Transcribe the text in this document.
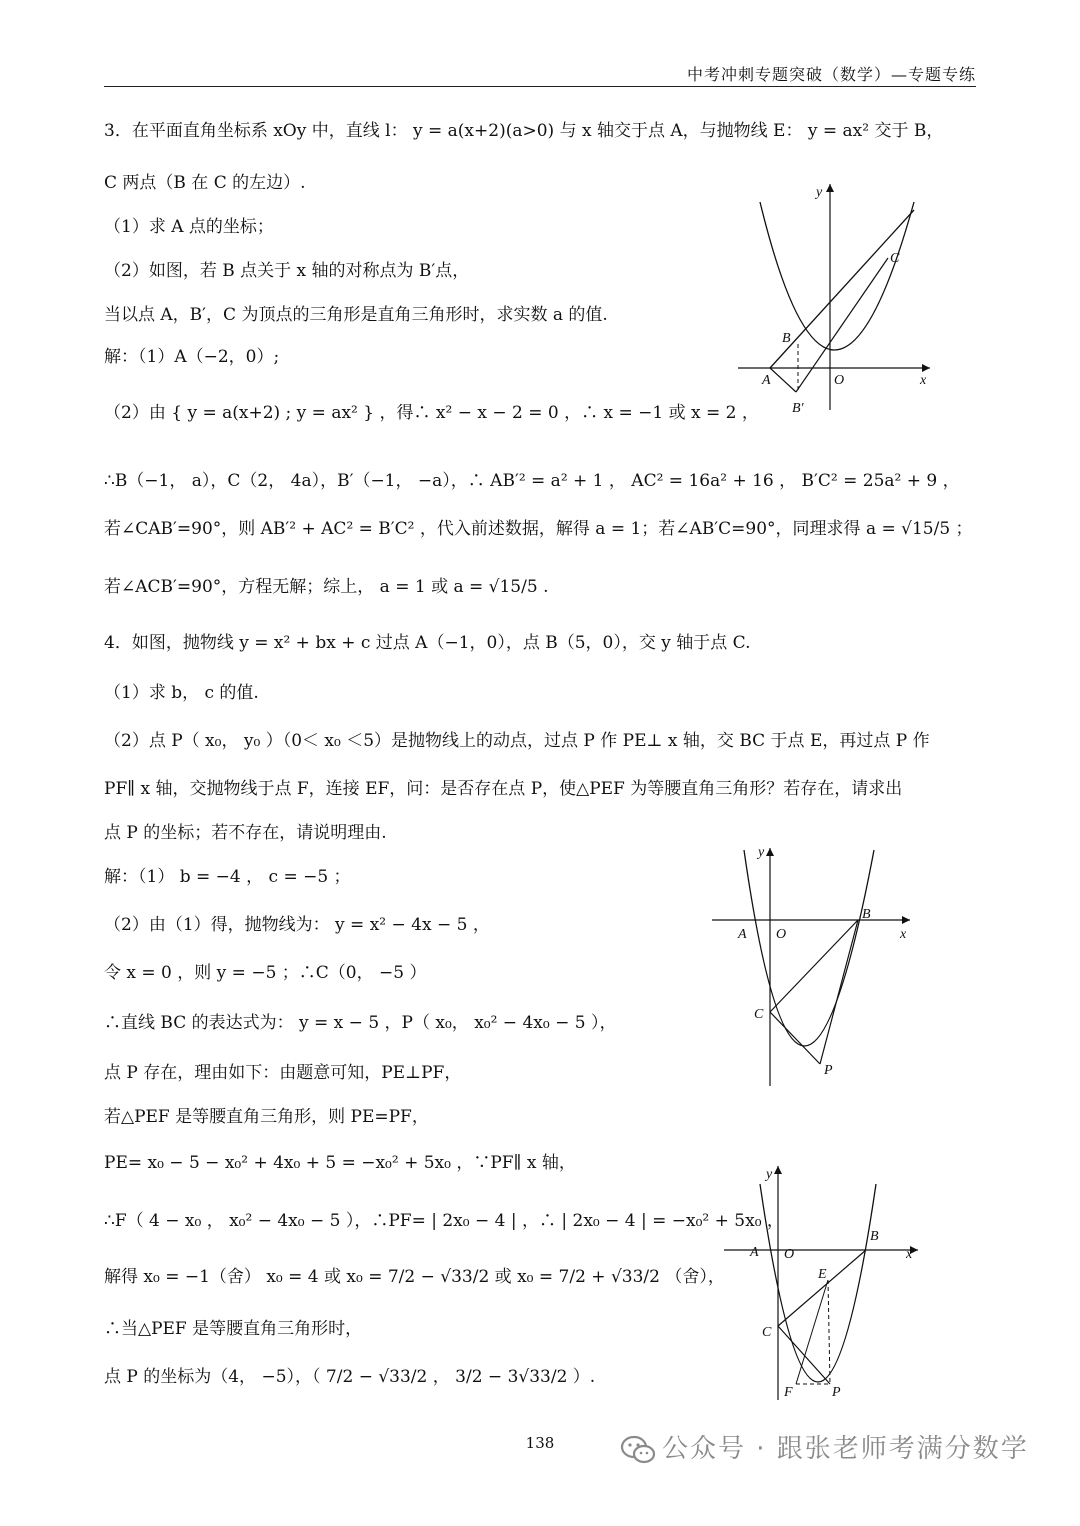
中考冲刺专题突破（数学）—专题专练
3．在平面直角坐标系 xOy 中，直线 l： y = a(x+2)(a>0) 与 x 轴交于点 A，与抛物线 E： y = ax² 交于 B，
C 两点（B 在 C 的左边）.
（1）求 A 点的坐标；
（2）如图，若 B 点关于 x 轴的对称点为 B′点，
当以点 A，B′，C 为顶点的三角形是直角三角形时，求实数 a 的值.
解：（1）A（−2，0）;
（2）由 { y = a(x+2) ; y = ax² } ，得∴ x² − x − 2 = 0 ，∴ x = −1 或 x = 2 ，
∴B（−1， a），C（2， 4a），B′（−1， −a），∴ AB′² = a² + 1 ， AC² = 16a² + 16 ， B′C² = 25a² + 9 ，
若∠CAB′=90°，则 AB′² + AC² = B′C² ，代入前述数据，解得 a = 1；若∠AB′C=90°，同理求得 a = √15/5 ；
若∠ACB′=90°，方程无解；综上， a = 1 或 a = √15/5 .
4．如图，抛物线 y = x² + bx + c 过点 A（−1，0），点 B（5，0），交 y 轴于点 C.
（1）求 b， c 的值.
（2）点 P（ x₀， y₀ ）（0＜ x₀ ＜5）是抛物线上的动点，过点 P 作 PE⊥ x 轴，交 BC 于点 E，再过点 P 作
PF∥ x 轴，交抛物线于点 F，连接 EF，问：是否存在点 P，使△PEF 为等腰直角三角形？若存在，请求出
点 P 的坐标；若不存在，请说明理由.
解：（1） b = −4 ， c = −5 ；
（2）由（1）得，抛物线为： y = x² − 4x − 5 ，
令 x = 0 ，则 y = −5 ；∴C（0， −5 ）
∴直线 BC 的表达式为： y = x − 5 ，P（ x₀， x₀² − 4x₀ − 5 ），
点 P 存在，理由如下：由题意可知，PE⊥PF，
若△PEF 是等腰直角三角形，则 PE=PF，
PE= x₀ − 5 − x₀² + 4x₀ + 5 = −x₀² + 5x₀ ，∵PF∥ x 轴，
∴F（ 4 − x₀ ， x₀² − 4x₀ − 5 ），∴PF= | 2x₀ − 4 | ，∴ | 2x₀ − 4 | = −x₀² + 5x₀ ，
解得 x₀ = −1（舍） x₀ = 4 或 x₀ = 7/2 − √33/2 或 x₀ = 7/2 + √33/2 （舍），
∴当△PEF 是等腰直角三角形时，
点 P 的坐标为（4， −5），（ 7/2 − √33/2 ， 3/2 − 3√33/2 ）.
y
C
B
A	O	x
B′
y
A O
B
x
C
P
y
A O
B
x
E
C
F	P
138	公众号 · 跟张老师考满分数学
